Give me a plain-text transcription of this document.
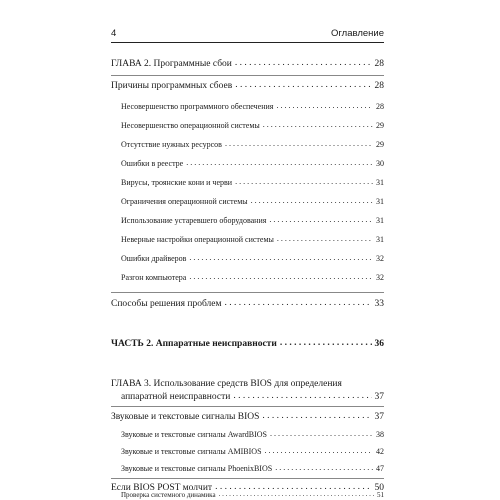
4	Оглавление
ГЛАВА 2. Программные сбои . . .	28
Причины программных сбоев . . .	28
Несовершенство программного обеспечения . . .	28
Несовершенство операционной системы . . .	29
Отсутствие нужных ресурсов . . .	29
Ошибки в реестре . . .	30
Вирусы, троянские кони и черви . . .	31
Ограничения операционной системы . . .	31
Использование устаревшего оборудования . . .	31
Неверные настройки операционной системы . . .	31
Ошибки драйверов . . .	32
Разгон компьютера . . .	32
Способы решения проблем . . .	33
ЧАСТЬ 2. Аппаратные неисправности . . .	36
ГЛАВА 3. Использование средств BIOS для определения
аппаратной неисправности . . .	37
Звуковые и текстовые сигналы BIOS . . .	37
Звуковые и текстовые сигналы AwardBIOS . . .	38
Звуковые и текстовые сигналы AMIBIOS . . .	42
Звуковые и текстовые сигналы PhoenixBIOS . . .	47
Если BIOS POST молчит . . .	50
Проверка системного динамика . . .	51
